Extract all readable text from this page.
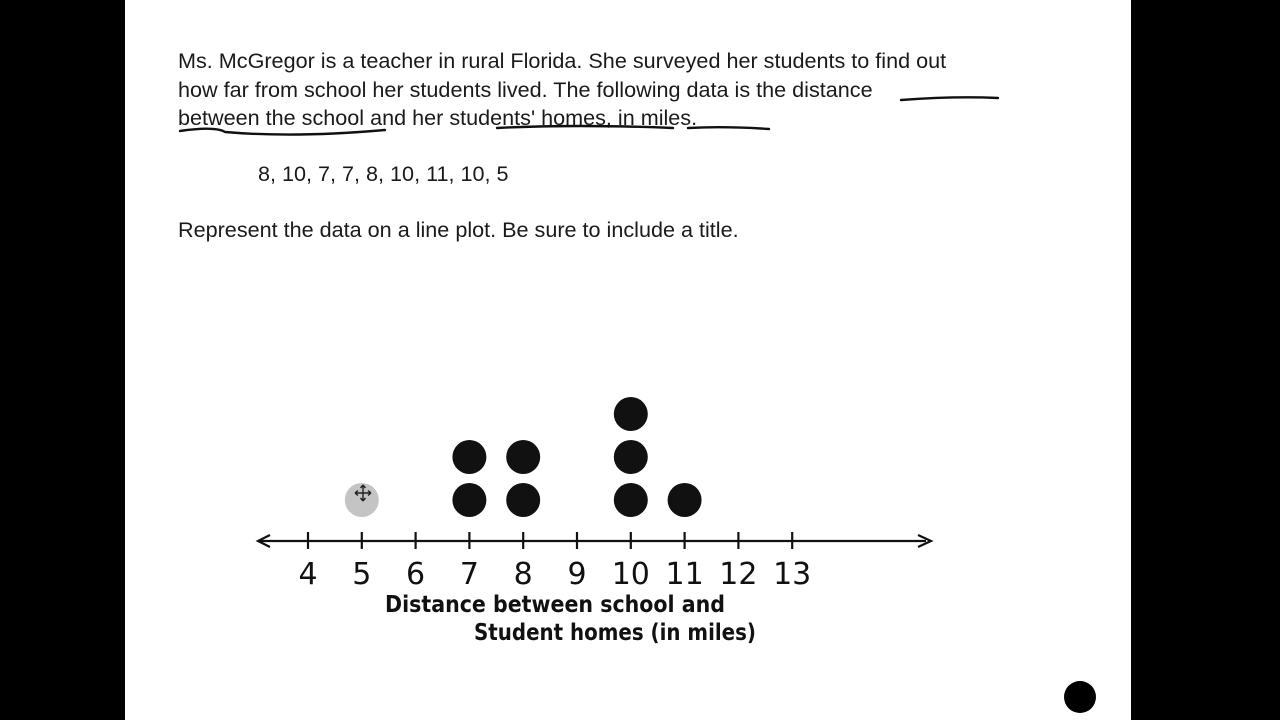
Ms. McGregor is a teacher in rural Florida. She surveyed her students to find out
how far from school her students lived. The following data is the distance
between the school and her students' homes, in miles.

8, 10, 7, 7, 8, 10, 11, 10, 5

Represent the data on a line plot. Be sure to include a title.

4 5 6 7 8 9 10 11 12 13
Distance between school and
Student homes (in miles)
